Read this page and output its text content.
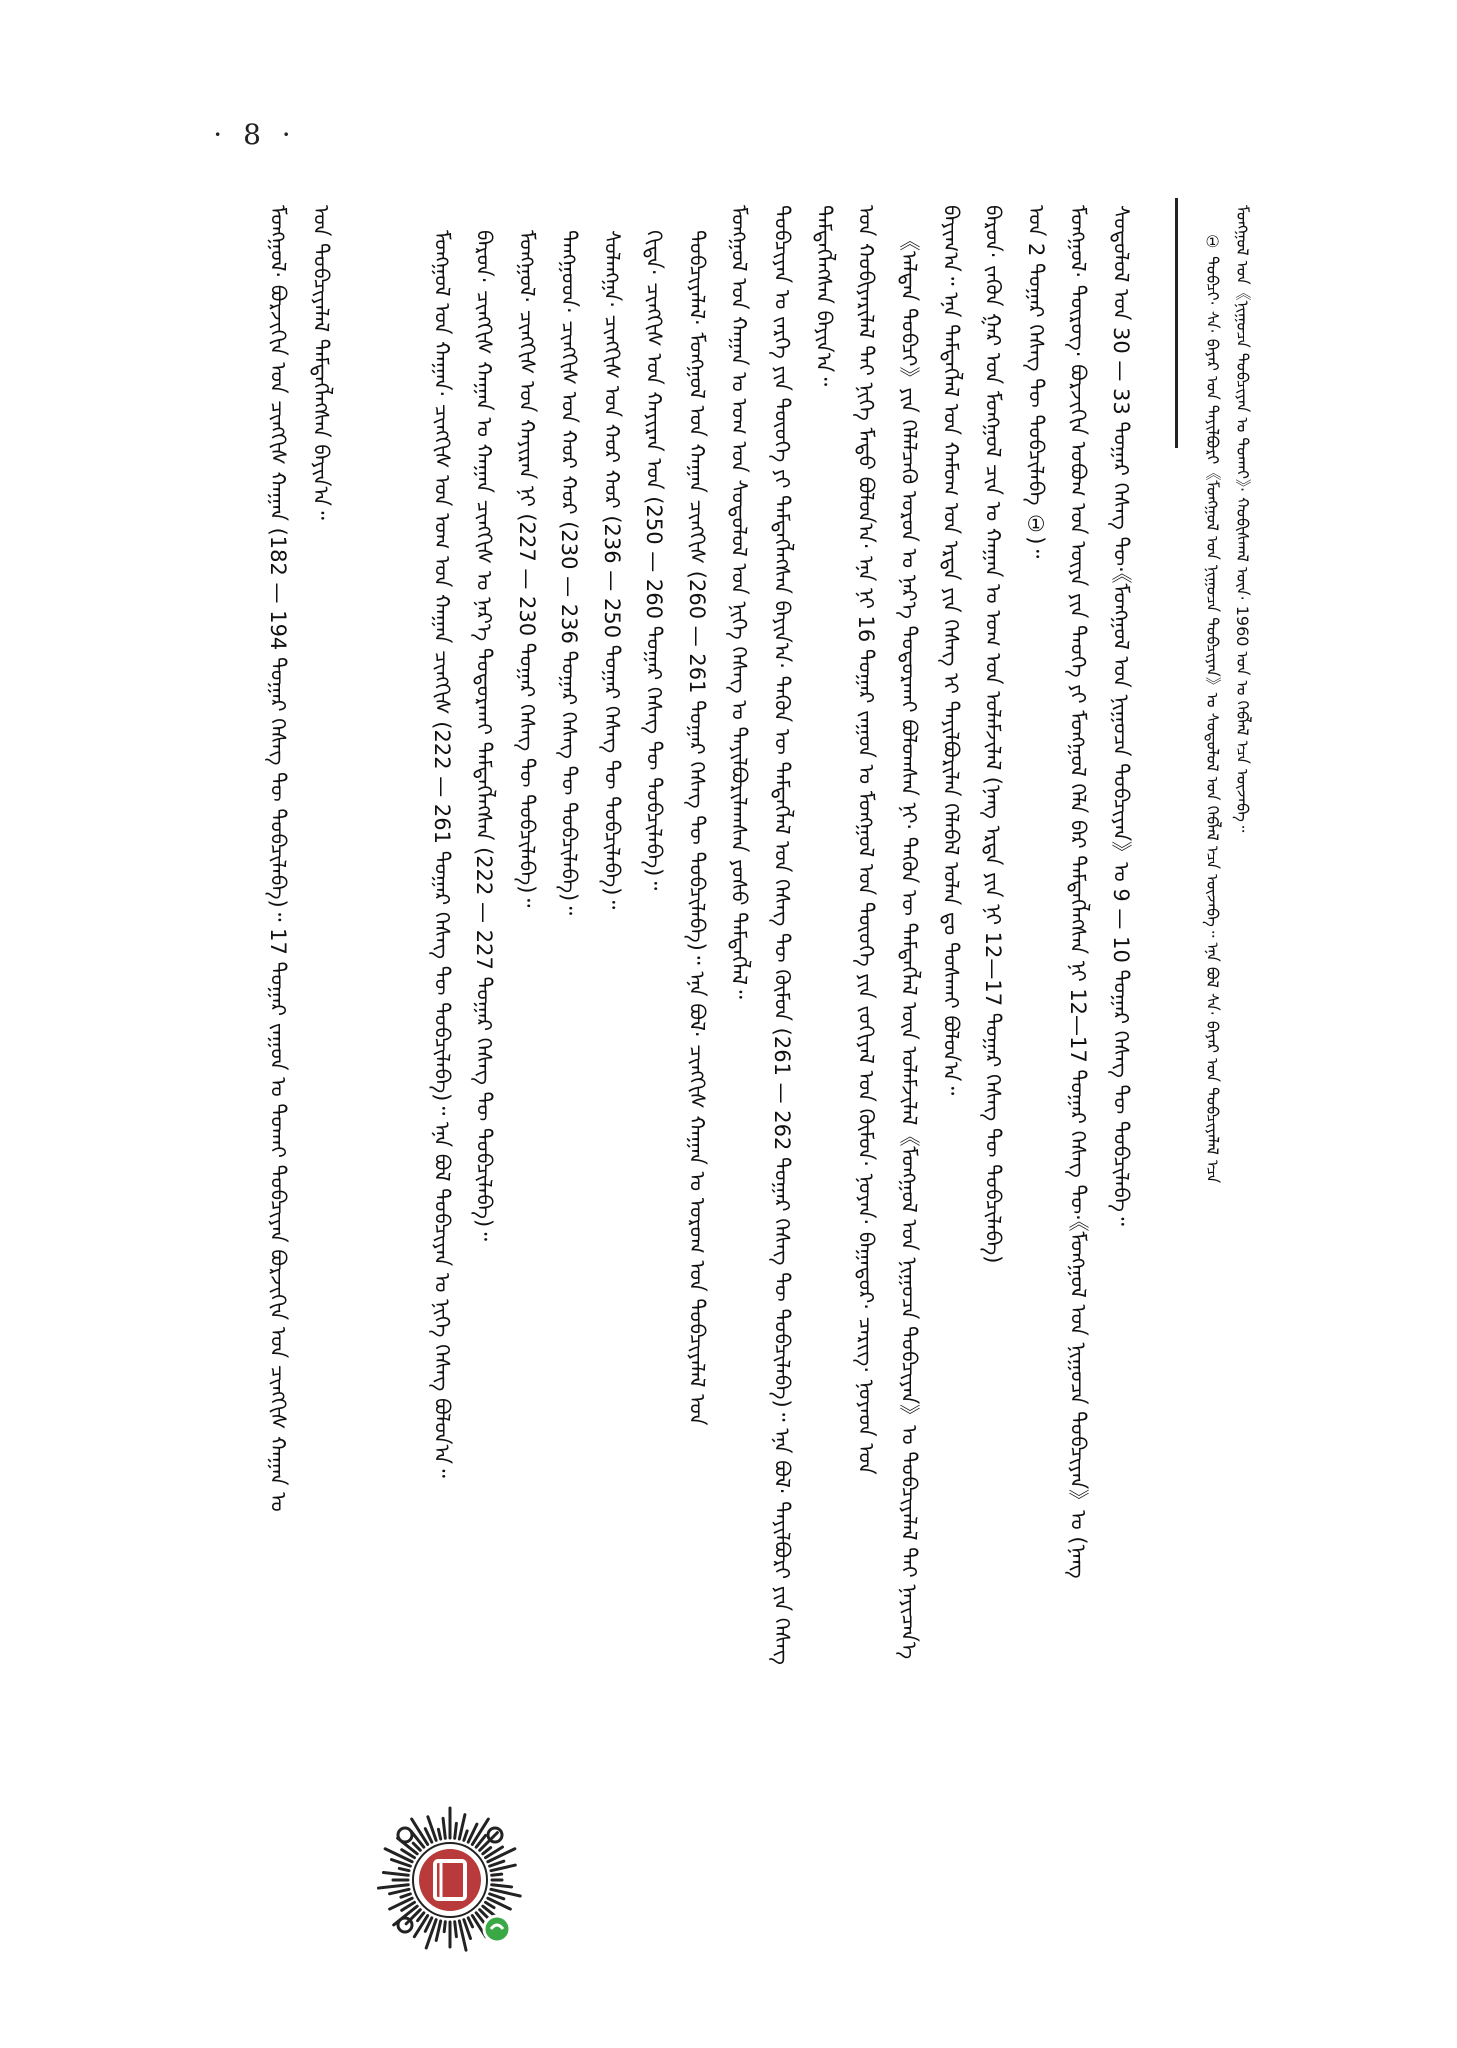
· 8 ·
ᠮᠣᠩᠭᠣᠯ ᠤᠨ《ᠨᠢᠭᠤᠴᠠ ᠲᠣᠪᠴᠢᠶᠠᠨ ᠤ ᠲᠤᠬᠠᠢ》· ᠬᠤᠪᠢᠰᠬᠠᠯ ᠦᠨ· 1960 ᠣᠨ ᠤ ᠬᠡᠪᠯᠡᠯ ᠡᠴᠡ ᠦᠵᠡᠪᠡ᠃
① ᠲᠣᠪᠴᠢ· ᠰᠠ· ᠪᠠᠶᠠᠷ ᠤᠨ ᠲᠠᠶᠢᠯᠪᠤᠷᠢ《ᠮᠣᠩᠭᠣᠯ ᠤᠨ ᠨᠢᠭᠤᠴᠠ ᠲᠣᠪᠴᠢᠶᠠᠨ》ᠤ ᠰᠤᠳᠤᠯᠤᠯ ᠤᠨ ᠬᠡᠪᠯᠡᠯ ᠡᠴᠡ ᠦᠵᠡᠪᠡ᠃ ᠡᠨᠡ ᠪᠣᠯ ᠰᠠ· ᠪᠠᠶᠠᠷ ᠤᠨ ᠲᠣᠪᠴᠢᠶᠠᠯᠠᠯ ᠡᠴᠡ
ᠰᠤᠳᠤᠯᠤᠯ ᠤᠨ 30 — 33 ᠳᠤᠭᠠᠷ ᠬᠡᠰᠡᠭ ᠲᠦ·《ᠮᠣᠩᠭᠣᠯ ᠤᠨ ᠨᠢᠭᠤᠴᠠ ᠲᠣᠪᠴᠢᠶᠠᠨ》ᠤ 9 — 10 ᠳᠤᠭᠠᠷ ᠬᠡᠰᠡᠭ ᠲᠦ ᠲᠣᠪᠴᠢᠯᠠᠪᠠ᠃
ᠮᠣᠩᠭᠣᠯ· ᠲᠦᠷᠦᠭ· ᠪᠣᠷᠵᠢᠭᠢᠨ ᠣᠪᠣᠭ ᠤᠨ ᠦᠶᠡ ᠶᠢᠨ ᠲᠡᠦᠬᠡ ᠶᠢ ᠮᠣᠩᠭᠣᠯ ᠬᠡᠯᠡ ᠪᠡᠷ ᠲᠡᠮᠳᠡᠭᠯᠡᠭᠰᠡᠨ ᠨᠢ 12—17 ᠳᠤᠭᠠᠷ ᠬᠡᠰᠡᠭ ᠲᠦ·《ᠮᠣᠩᠭᠣᠯ ᠤᠨ ᠨᠢᠭᠤᠴᠠ ᠲᠣᠪᠴᠢᠶᠠᠨ》ᠤ (ᠨᠡᠩ
ᠤᠨ 2 ᠳᠤᠭᠠᠷ ᠬᠡᠰᠡᠭ ᠲᠦ ᠲᠣᠪᠴᠢᠯᠠᠪᠠ ①)᠃
ᠪᠠᠷᠤᠨ· ᠵᠡᠭᠦᠨ ᠭᠠᠷ ᠤᠨ ᠮᠣᠩᠭᠣᠯ ᠴᠢᠨ ᠤ ᠬᠠᠭᠠᠨ ᠤ ᠣᠭ ᠤᠨ ᠤᠯᠠᠮᠵᠢᠯᠠᠯ (ᠨᠡᠩ ᠡᠷᠲᠡ ᠶᠢᠨ ᠨᠢ 12—17 ᠳᠤᠭᠠᠷ ᠬᠡᠰᠡᠭ ᠲᠦ ᠲᠣᠪᠴᠢᠯᠠᠪᠠ)
ᠪᠠᠶᠢᠭ᠎ᠠ᠃ ᠡᠨᠡ ᠲᠡᠮᠳᠡᠭᠯᠡᠯ ᠤᠨ ᠬᠠᠮᠤᠭ ᠤᠨ ᠡᠷᠲᠡ ᠶᠢᠨ ᠬᠡᠰᠡᠭ ᠢ ᠲᠠᠶᠢᠯᠪᠤᠷᠢᠯᠠᠨ ᠬᠡᠯᠡᠪᠡᠯ ᠣᠯᠠᠨ ᠳᠤ ᠲᠤᠰᠬᠠᠢ ᠪᠣᠯᠤᠨ᠎ᠠ᠃
《ᠠᠯᠲᠠᠨ ᠲᠣᠪᠴᠢ》ᠶᠢᠨ ᠬᠡᠯᠡᠯᠴᠡᠬᠦ ᠣᠷᠣᠨ ᠤ ᠨᠡᠷ᠎ᠡ ᠲᠣᠳᠤᠷᠬᠠᠢ ᠪᠣᠯᠤᠭᠰᠠᠨ ᠨᠢ· ᠲᠡᠭᠦᠨ ᠦ ᠲᠡᠮᠳᠡᠭᠯᠡᠯ ᠦᠨ ᠤᠯᠠᠮᠵᠢᠯᠠᠯ《ᠮᠣᠩᠭᠣᠯ ᠤᠨ ᠨᠢᠭᠤᠴᠠ ᠲᠣᠪᠴᠢᠶᠠᠨ》ᠤ ᠲᠣᠪᠴᠢᠶᠠᠯᠠᠯ ᠲᠠᠢ ᠨᠡᠶᠢᠴᠡᠨ᠎ᠡ
ᠤᠨ ᠬᠤᠪᠢᠶᠠᠷᠢᠯᠠᠯ ᠲᠠᠢ ᠨᠢᠭᠡ ᠮᠡᠲᠦ ᠪᠣᠯᠤᠨ᠎ᠠ· ᠡᠨᠡ ᠨᠢ 16 ᠳᠤᠭᠠᠷ ᠵᠠᠭᠤᠨ ᠤ ᠮᠣᠩᠭᠣᠯ ᠤᠨ ᠲᠦᠦᠬᠡ ᠶᠢᠨ ᠵᠣᠬᠢᠶᠠᠯ ᠤᠨ ᠬᠦᠮᠦᠨ· ᠨᠣᠶᠠᠨ· ᠪᠠᠭᠠᠳᠤᠷ· ᠴᠡᠷᠢᠭ· ᠨᠣᠶᠠᠳ ᠤᠨ
ᠲᠡᠮᠳᠡᠭᠯᠡᠭᠰᠡᠨ ᠪᠠᠶᠢᠨ᠎ᠠ᠃
ᠲᠣᠪᠴᠢᠶᠠᠨ ᠤ ᠵᠡᠷᠭᠡ ᠶᠢᠨ ᠲᠦᠦᠬᠡ ᠶᠢ ᠲᠡᠮᠳᠡᠭᠯᠡᠭᠰᠡᠨ ᠪᠠᠶᠢᠨ᠎ᠠ· ᠲᠡᠭᠦᠨ ᠦ ᠲᠡᠮᠳᠡᠭᠯᠡᠯ ᠤᠨ ᠬᠡᠰᠡᠭ ᠲᠦ ᠬᠦᠮᠦᠨ (261 — 262 ᠳᠤᠭᠠᠷ ᠬᠡᠰᠡᠭ ᠲᠦ ᠲᠣᠪᠴᠢᠯᠠᠪᠠ)᠃ ᠡᠨᠡ ᠪᠣᠯ· ᠲᠠᠶᠢᠯᠪᠤᠷᠢ ᠶᠢᠨ ᠬᠡᠰᠡᠭ
ᠮᠣᠩᠭᠣᠯ ᠤᠨ ᠬᠠᠭᠠᠨ ᠤ ᠤᠭ ᠤᠨ ᠰᠤᠳᠤᠯᠤᠯ ᠤᠨ ᠨᠢᠭᠡ ᠬᠡᠰᠡᠭ ᠤ ᠲᠠᠶᠢᠯᠪᠤᠷᠢᠯᠠᠭᠰᠠᠨ ᠶᠣᠰᠣ ᠲᠡᠮᠳᠡᠭᠯᠡᠯ᠃
ᠲᠣᠪᠴᠢᠶᠠᠯᠠᠯ· ᠮᠣᠩᠭᠣᠯ ᠤᠨ ᠬᠠᠭᠠᠨ ᠴᠢᠩᠭᠢᠰ (260 — 261 ᠳᠤᠭᠠᠷ ᠬᠡᠰᠡᠭ ᠲᠦ ᠲᠣᠪᠴᠢᠯᠠᠪᠠ)᠃ ᠡᠨᠡ ᠪᠣᠯ· ᠴᠢᠩᠭᠢᠰ ᠬᠠᠭᠠᠨ ᠤ ᠤᠷᠤᠭ ᠤᠨ ᠲᠣᠪᠴᠢᠶᠠᠯᠠᠯ ᠤᠨ
ᠬᠢᠳᠠ· ᠴᠢᠩᠭᠢᠰ ᠤᠨ ᠬᠠᠶᠢᠷᠠᠨ ᠤᠨ (250 — 260 ᠳᠤᠭᠠᠷ ᠬᠡᠰᠡᠭ ᠲᠦ ᠲᠣᠪᠴᠢᠯᠠᠪᠠ)᠃
ᠰᠤᠯᠠᠩᠭᠠ· ᠴᠢᠩᠭᠢᠰ ᠤᠨ ᠬᠤᠷ ᠬᠤᠷ (236 — 250 ᠳᠤᠭᠠᠷ ᠬᠡᠰᠡᠭ ᠲᠦ ᠲᠣᠪᠴᠢᠯᠠᠪᠠ)᠃
ᠲᠠᠩᠭᠤᠳ· ᠴᠢᠩᠭᠢᠰ ᠤᠨ ᠬᠤᠷ ᠬᠤᠷ (230 — 236 ᠳᠤᠭᠠᠷ ᠬᠡᠰᠡᠭ ᠲᠦ ᠲᠣᠪᠴᠢᠯᠠᠪᠠ)᠃
ᠮᠣᠩᠭᠣᠯ· ᠴᠢᠩᠭᠢᠰ ᠤᠨ ᠬᠠᠶᠢᠷᠠᠨ ᠨᠢ (227 — 230 ᠳᠤᠭᠠᠷ ᠬᠡᠰᠡᠭ ᠲᠦ ᠲᠣᠪᠴᠢᠯᠠᠪᠠ)᠃
ᠪᠠᠷᠤᠨ· ᠴᠢᠩᠭᠢᠰ ᠬᠠᠭᠠᠨ ᠤ ᠬᠠᠭᠠᠨ ᠴᠢᠩᠭᠢᠰ ᠤ ᠨᠡᠷ᠎ᠡ ᠲᠣᠳᠤᠷᠬᠠᠢ ᠲᠡᠮᠳᠡᠭᠯᠡᠭᠰᠡᠨ (222 — 227 ᠳᠤᠭᠠᠷ ᠬᠡᠰᠡᠭ ᠲᠦ ᠲᠣᠪᠴᠢᠯᠠᠪᠠ)᠃
ᠮᠣᠩᠭᠣᠯ ᠤᠨ ᠬᠠᠭᠠᠨ· ᠴᠢᠩᠭᠢᠰ ᠤᠨ ᠤᠭ ᠤᠨ ᠬᠠᠭᠠᠨ ᠴᠢᠩᠭᠢᠰ (222 — 261 ᠳᠤᠭᠠᠷ ᠬᠡᠰᠡᠭ ᠲᠦ ᠲᠣᠪᠴᠢᠯᠠᠪᠠ)᠃ ᠡᠨᠡ ᠪᠣᠯ ᠲᠣᠪᠴᠢᠶᠠᠨ ᠤ ᠨᠢᠭᠡ ᠬᠡᠰᠡᠭ ᠪᠣᠯᠤᠨ᠎ᠠ᠃
ᠤᠨ ᠲᠣᠪᠴᠢᠶᠠᠯᠠᠯ ᠲᠡᠮᠳᠡᠭᠯᠡᠭᠰᠡᠨ ᠪᠠᠶᠢᠨ᠎ᠠ᠃
ᠮᠣᠩᠭᠣᠯ· ᠪᠣᠷᠵᠢᠭᠢᠨ ᠤᠨ ᠴᠢᠩᠭᠢᠰ ᠬᠠᠭᠠᠨ (182 — 194 ᠳᠤᠭᠠᠷ ᠬᠡᠰᠡᠭ ᠲᠦ ᠲᠣᠪᠴᠢᠯᠠᠪᠠ)᠃ 17 ᠳᠤᠭᠠᠷ ᠵᠠᠭᠤᠨ ᠤ ᠲᠤᠬᠠᠢ ᠲᠣᠪᠴᠢᠶᠠᠨ ᠪᠣᠷᠵᠢᠭᠢᠨ ᠤᠨ ᠴᠢᠩᠭᠢᠰ ᠬᠠᠭᠠᠨ ᠤ
